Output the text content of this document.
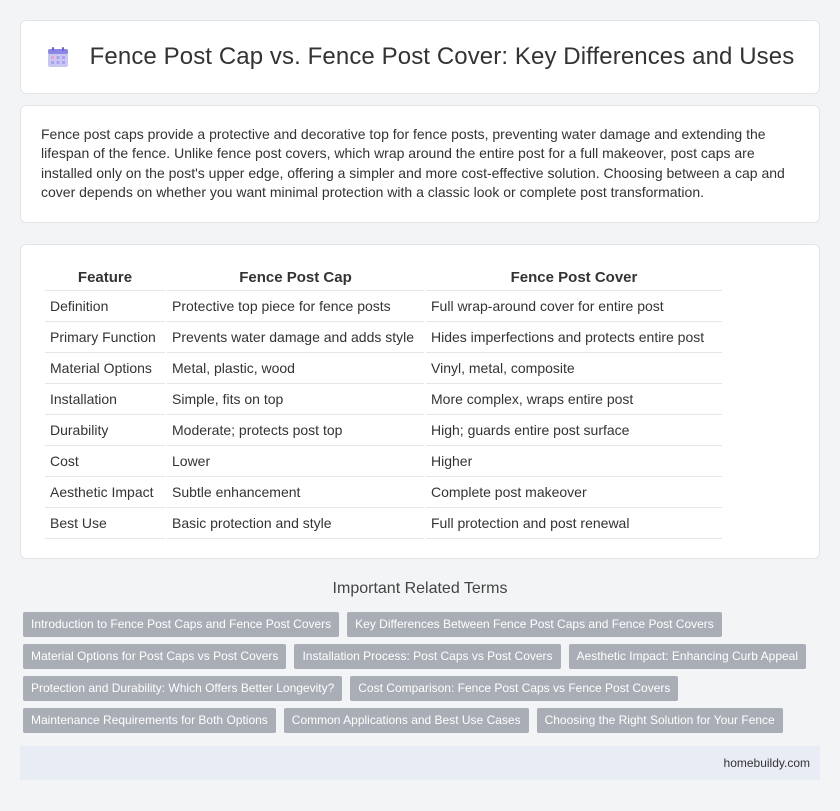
Fence Post Cap vs. Fence Post Cover: Key Differences and Uses

Fence post caps provide a protective and decorative top for fence posts, preventing water damage and extending the lifespan of the fence. Unlike fence post covers, which wrap around the entire post for a full makeover, post caps are installed only on the post's upper edge, offering a simpler and more cost-effective solution. Choosing between a cap and cover depends on whether you want minimal protection with a classic look or complete post transformation.

Feature	Fence Post Cap	Fence Post Cover
Definition	Protective top piece for fence posts	Full wrap-around cover for entire post
Primary Function	Prevents water damage and adds style	Hides imperfections and protects entire post
Material Options	Metal, plastic, wood	Vinyl, metal, composite
Installation	Simple, fits on top	More complex, wraps entire post
Durability	Moderate; protects post top	High; guards entire post surface
Cost	Lower	Higher
Aesthetic Impact	Subtle enhancement	Complete post makeover
Best Use	Basic protection and style	Full protection and post renewal
Important Related Terms
Introduction to Fence Post Caps and Fence Post Covers	Key Differences Between Fence Post Caps and Fence Post Covers
Material Options for Post Caps vs Post Covers	Installation Process: Post Caps vs Post Covers	Aesthetic Impact: Enhancing Curb Appeal
Protection and Durability: Which Offers Better Longevity?	Cost Comparison: Fence Post Caps vs Fence Post Covers
Maintenance Requirements for Both Options	Common Applications and Best Use Cases	Choosing the Right Solution for Your Fence
homebuildy.com
